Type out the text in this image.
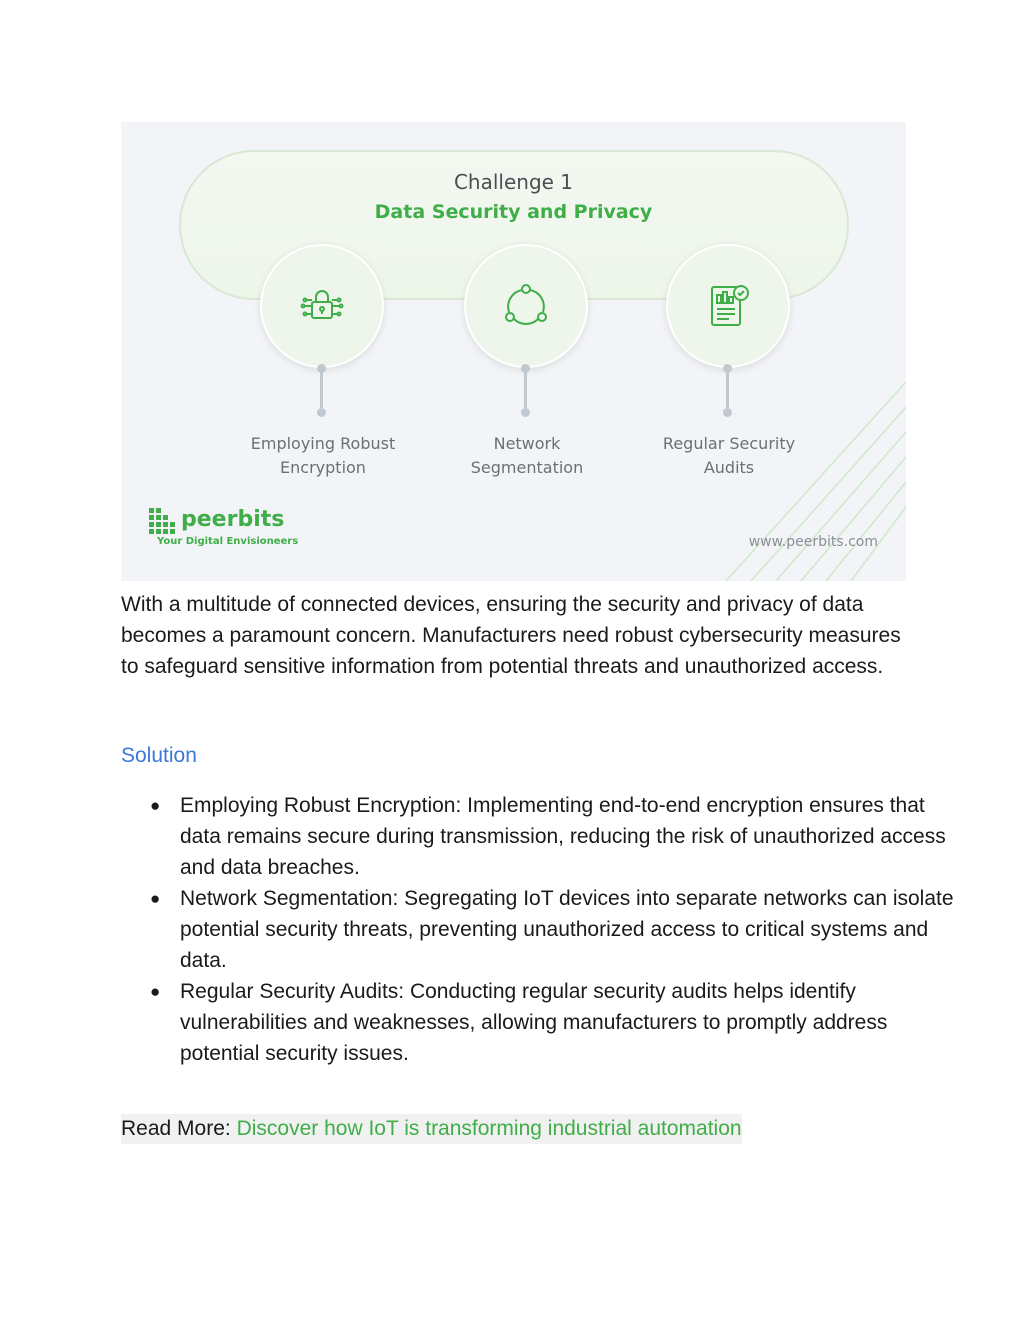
Challenge 1
Data Security and Privacy
Employing Robust
Encryption
Network
Segmentation
Regular Security
Audits
peerbits
Your Digital Envisioneers	www.peerbits.com

With a multitude of connected devices, ensuring the security and privacy of data becomes a paramount concern. Manufacturers need robust cybersecurity measures to safeguard sensitive information from potential threats and unauthorized access.

Solution
● Employing Robust Encryption: Implementing end-to-end encryption ensures that data remains secure during transmission, reducing the risk of unauthorized access and data breaches.
● Network Segmentation: Segregating IoT devices into separate networks can isolate potential security threats, preventing unauthorized access to critical systems and data.
● Regular Security Audits: Conducting regular security audits helps identify vulnerabilities and weaknesses, allowing manufacturers to promptly address potential security issues.
Read More: Discover how IoT is transforming industrial automation
